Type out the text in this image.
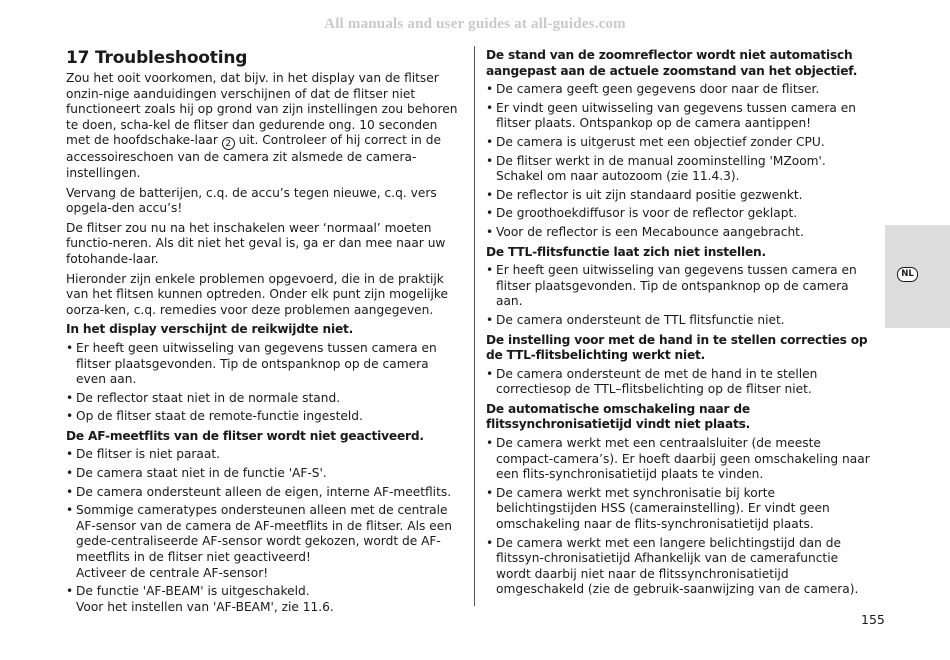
All manuals and user guides at all-guides.com
17 Troubleshooting

Zou het ooit voorkomen, dat bijv. in het display van de flitser onzin-nige aanduidingen verschijnen of dat de flitser niet functioneert zoals hij op grond van zijn instellingen zou behoren te doen, scha-kel de flitser dan gedurende ong. 10 seconden met de hoofdschake-laar 2 uit. Controleer of hij correct in de accessoireschoen van de camera zit alsmede de camera-instellingen.

Vervang de batterijen, c.q. de accu’s tegen nieuwe, c.q. vers opgela-den accu’s!

De flitser zou nu na het inschakelen weer ‘normaal’ moeten functio-neren. Als dit niet het geval is, ga er dan mee naar uw fotohande-laar.

Hieronder zijn enkele problemen opgevoerd, die in de praktijk van het flitsen kunnen optreden. Onder elk punt zijn mogelijke oorza-ken, c.q. remedies voor deze problemen aangegeven.

In het display verschijnt de reikwijdte niet.
• Er heeft geen uitwisseling van gegevens tussen camera en flitser plaatsgevonden. Tip de ontspanknop op de camera even aan.
• De reflector staat niet in de normale stand.
• Op de flitser staat de remote-functie ingesteld.
De AF-meetflits van de flitser wordt niet geactiveerd.
• De flitser is niet paraat.
• De camera staat niet in de functie 'AF-S'.
• De camera ondersteunt alleen de eigen, interne AF-meetflits.
• Sommige cameratypes ondersteunen alleen met de centrale AF-sensor van de camera de AF-meetflits in de flitser. Als een gede-centraliseerde AF-sensor wordt gekozen, wordt de AF-meetflits in de flitser niet geactiveerd!
Activeer de centrale AF-sensor!
• De functie 'AF-BEAM' is uitgeschakeld.
Voor het instellen van 'AF-BEAM', zie 11.6.
De stand van de zoomreflector wordt niet automatisch aangepast aan de actuele zoomstand van het objectief.
• De camera geeft geen gegevens door naar de flitser.
• Er vindt geen uitwisseling van gegevens tussen camera en flitser plaats. Ontspankop op de camera aantippen!
• De camera is uitgerust met een objectief zonder CPU.
• De flitser werkt in de manual zoominstelling 'MZoom'.
Schakel om naar autozoom (zie 11.4.3).
• De reflector is uit zijn standaard positie gezwenkt.
• De groothoekdiffusor is voor de reflector geklapt.
• Voor de reflector is een Mecabounce aangebracht.
De TTL-flitsfunctie laat zich niet instellen.
• Er heeft geen uitwisseling van gegevens tussen camera en flitser plaatsgevonden. Tip de ontspanknop op de camera aan.
• De camera ondersteunt de TTL flitsfunctie niet.
De instelling voor met de hand in te stellen correcties op de TTL-flitsbelichting werkt niet.
• De camera ondersteunt de met de hand in te stellen correctiesop de TTL–flitsbelichting op de flitser niet.
De automatische omschakeling naar de flitssynchronisatietijd vindt niet plaats.
• De camera werkt met een centraalsluiter (de meeste compact-camera’s). Er hoeft daarbij geen omschakeling naar een flits-synchronisatietijd plaats te vinden.
• De camera werkt met synchronisatie bij korte belichtingstijden HSS (camerainstelling). Er vindt geen omschakeling naar de flits-synchronisatietijd plaats.
• De camera werkt met een langere belichtingstijd dan de flitssyn-chronisatietijd Afhankelijk van de camerafunctie wordt daarbij niet naar de flitssynchronisatietijd omgeschakeld (zie de gebruik-saanwijzing van de camera).
NL
155
